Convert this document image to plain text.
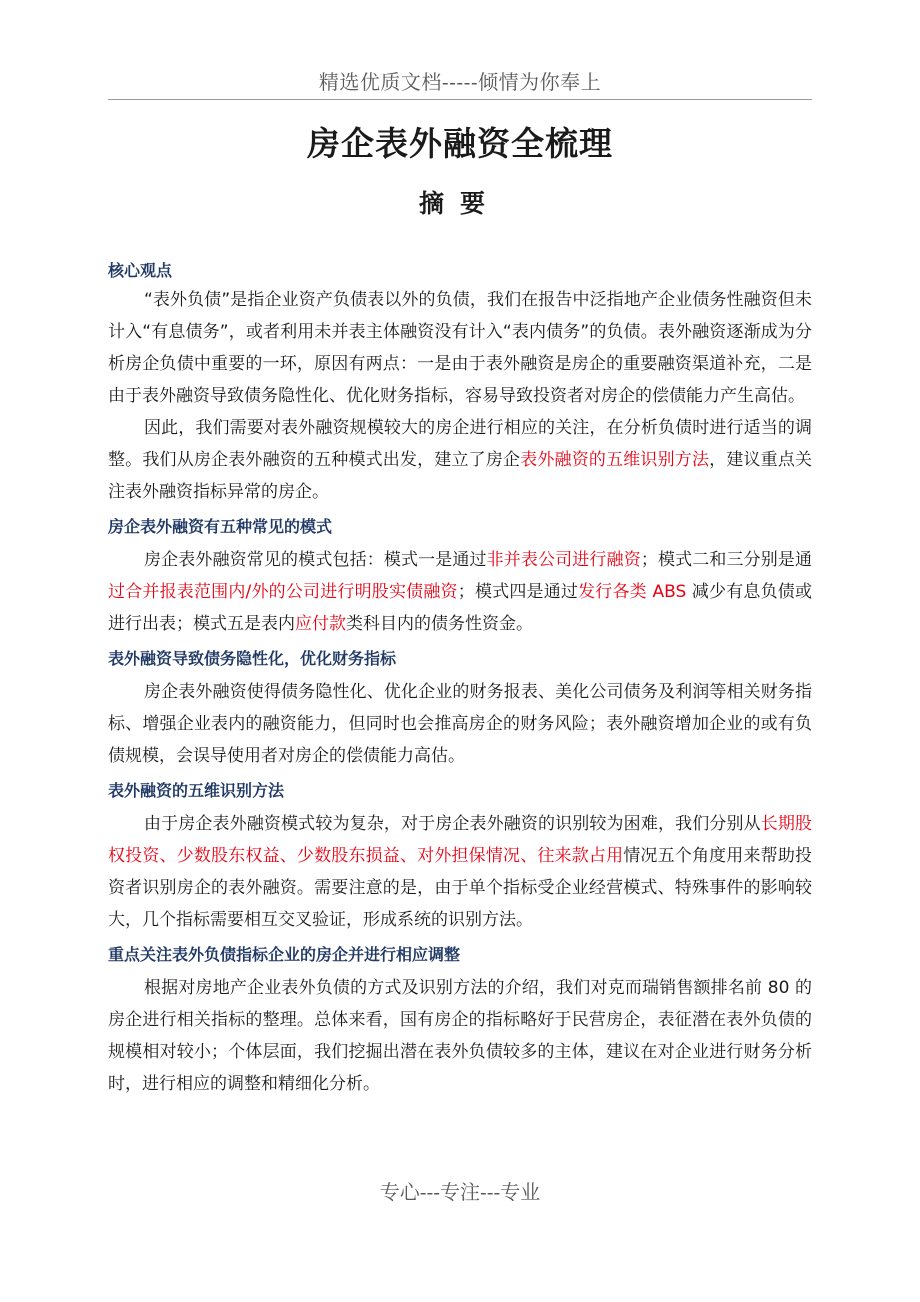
精选优质文档-----倾情为你奉上
房企表外融资全梳理
摘要
核心观点

“表外负债”是指企业资产负债表以外的负债，我们在报告中泛指地产企业债务性融资但未计入“有息债务”，或者利用未并表主体融资没有计入“表内债务”的负债。表外融资逐渐成为分析房企负债中重要的一环，原因有两点：一是由于表外融资是房企的重要融资渠道补充，二是由于表外融资导致债务隐性化、优化财务指标，容易导致投资者对房企的偿债能力产生高估。

因此，我们需要对表外融资规模较大的房企进行相应的关注，在分析负债时进行适当的调整。我们从房企表外融资的五种模式出发，建立了房企表外融资的五维识别方法，建议重点关注表外融资指标异常的房企。

房企表外融资有五种常见的模式

房企表外融资常见的模式包括：模式一是通过非并表公司进行融资；模式二和三分别是通过合并报表范围内/外的公司进行明股实债融资；模式四是通过发行各类 ABS 减少有息负债或进行出表；模式五是表内应付款类科目内的债务性资金。

表外融资导致债务隐性化，优化财务指标

房企表外融资使得债务隐性化、优化企业的财务报表、美化公司债务及利润等相关财务指标、增强企业表内的融资能力，但同时也会推高房企的财务风险；表外融资增加企业的或有负债规模，会误导使用者对房企的偿债能力高估。

表外融资的五维识别方法

由于房企表外融资模式较为复杂，对于房企表外融资的识别较为困难，我们分别从长期股权投资、少数股东权益、少数股东损益、对外担保情况、往来款占用情况五个角度用来帮助投资者识别房企的表外融资。需要注意的是，由于单个指标受企业经营模式、特殊事件的影响较大，几个指标需要相互交叉验证，形成系统的识别方法。

重点关注表外负债指标企业的房企并进行相应调整

根据对房地产企业表外负债的方式及识别方法的介绍，我们对克而瑞销售额排名前 80 的房企进行相关指标的整理。总体来看，国有房企的指标略好于民营房企，表征潜在表外负债的规模相对较小；个体层面，我们挖掘出潜在表外负债较多的主体，建议在对企业进行财务分析时，进行相应的调整和精细化分析。

专心---专注---专业
